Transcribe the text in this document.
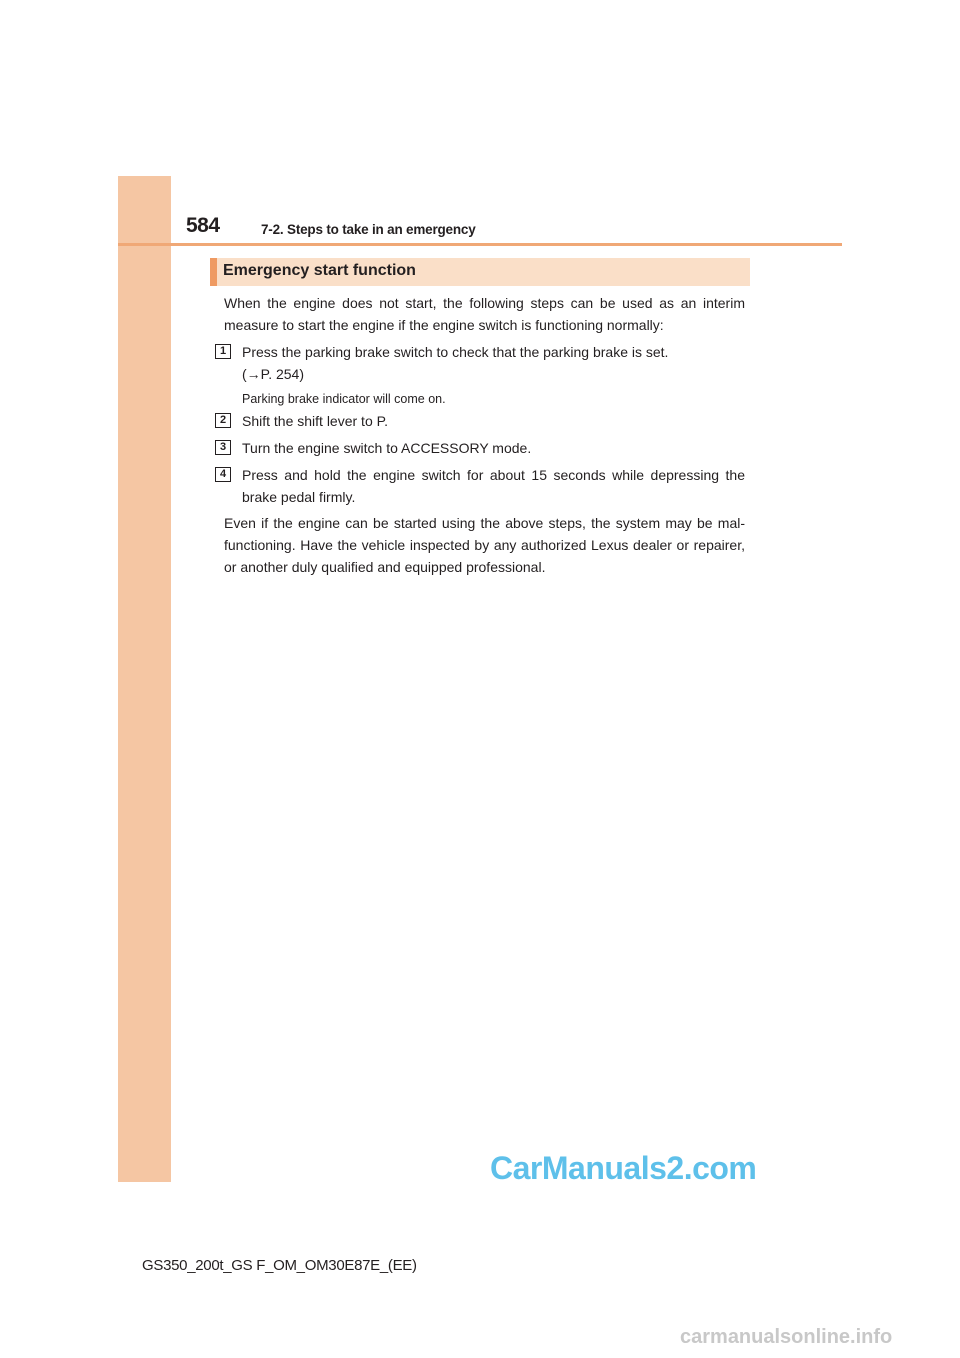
584	7-2. Steps to take in an emergency
Emergency start function
When the engine does not start, the following steps can be used as an interim measure to start the engine if the engine switch is functioning normally:
1	Press the parking brake switch to check that the parking brake is set.
(→P. 254)
Parking brake indicator will come on.
2	Shift the shift lever to P.
3	Turn the engine switch to ACCESSORY mode.
4	Press and hold the engine switch for about 15 seconds while depressing the brake pedal firmly.
Even if the engine can be started using the above steps, the system may be mal-functioning. Have the vehicle inspected by any authorized Lexus dealer or repairer, or another duly qualified and equipped professional.
CarManuals2.com
GS350_200t_GS F_OM_OM30E87E_(EE)
carmanualsonline.info
